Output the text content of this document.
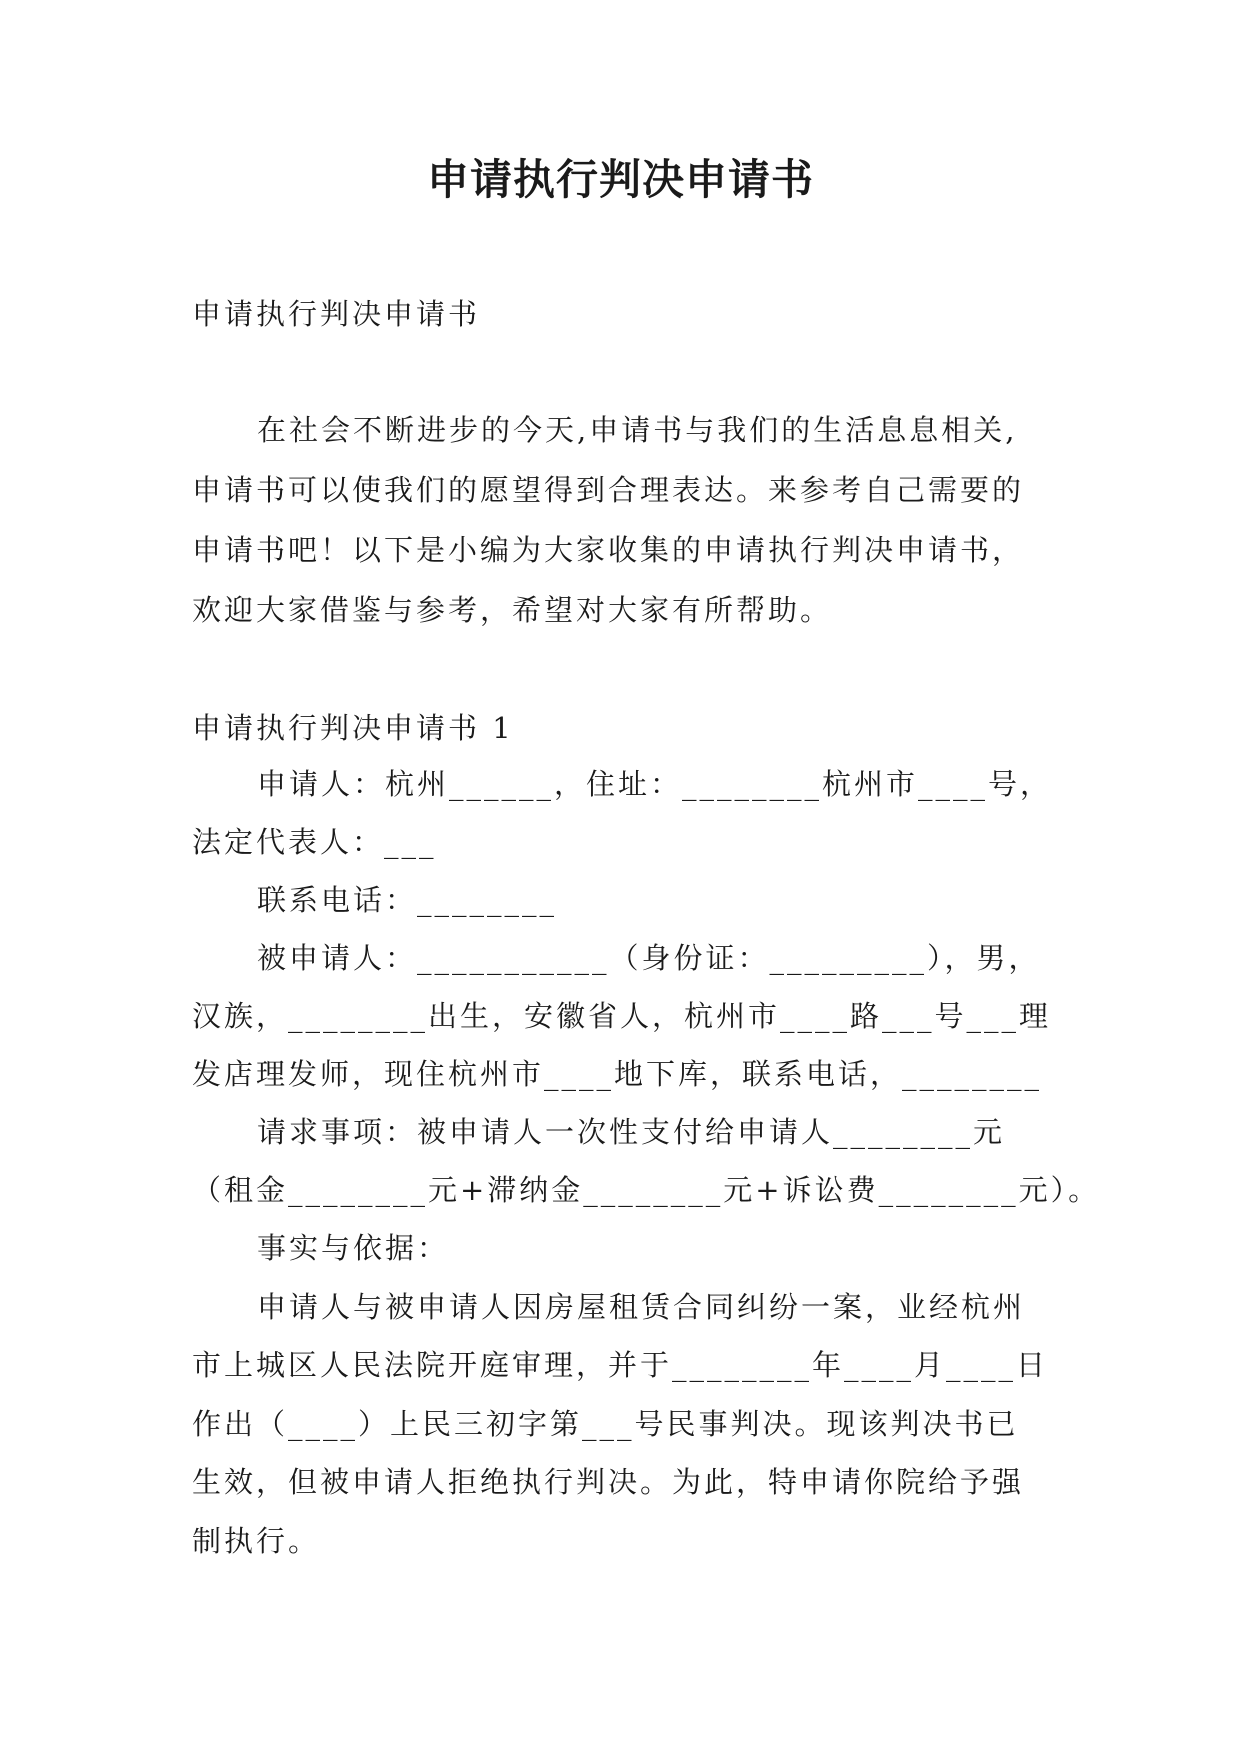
申请执行判决申请书

申请执行判决申请书

在社会不断进步的今天,申请书与我们的生活息息相关,

申请书可以使我们的愿望得到合理表达。来参考自己需要的

申请书吧！以下是小编为大家收集的申请执行判决申请书，

欢迎大家借鉴与参考，希望对大家有所帮助。

申请执行判决申请书 1

申请人：杭州______，住址：________杭州市____号，

法定代表人：___

联系电话：________

被申请人：___________（身份证：_________），男，

汉族，________出生，安徽省人，杭州市____路___号___理

发店理发师，现住杭州市____地下库，联系电话，________

请求事项：被申请人一次性支付给申请人________元

（租金________元+滞纳金________元+诉讼费________元）。

事实与依据：

申请人与被申请人因房屋租赁合同纠纷一案，业经杭州

市上城区人民法院开庭审理，并于________年____月____日

作出（____）上民三初字第___号民事判决。现该判决书已

生效，但被申请人拒绝执行判决。为此，特申请你院给予强

制执行。
